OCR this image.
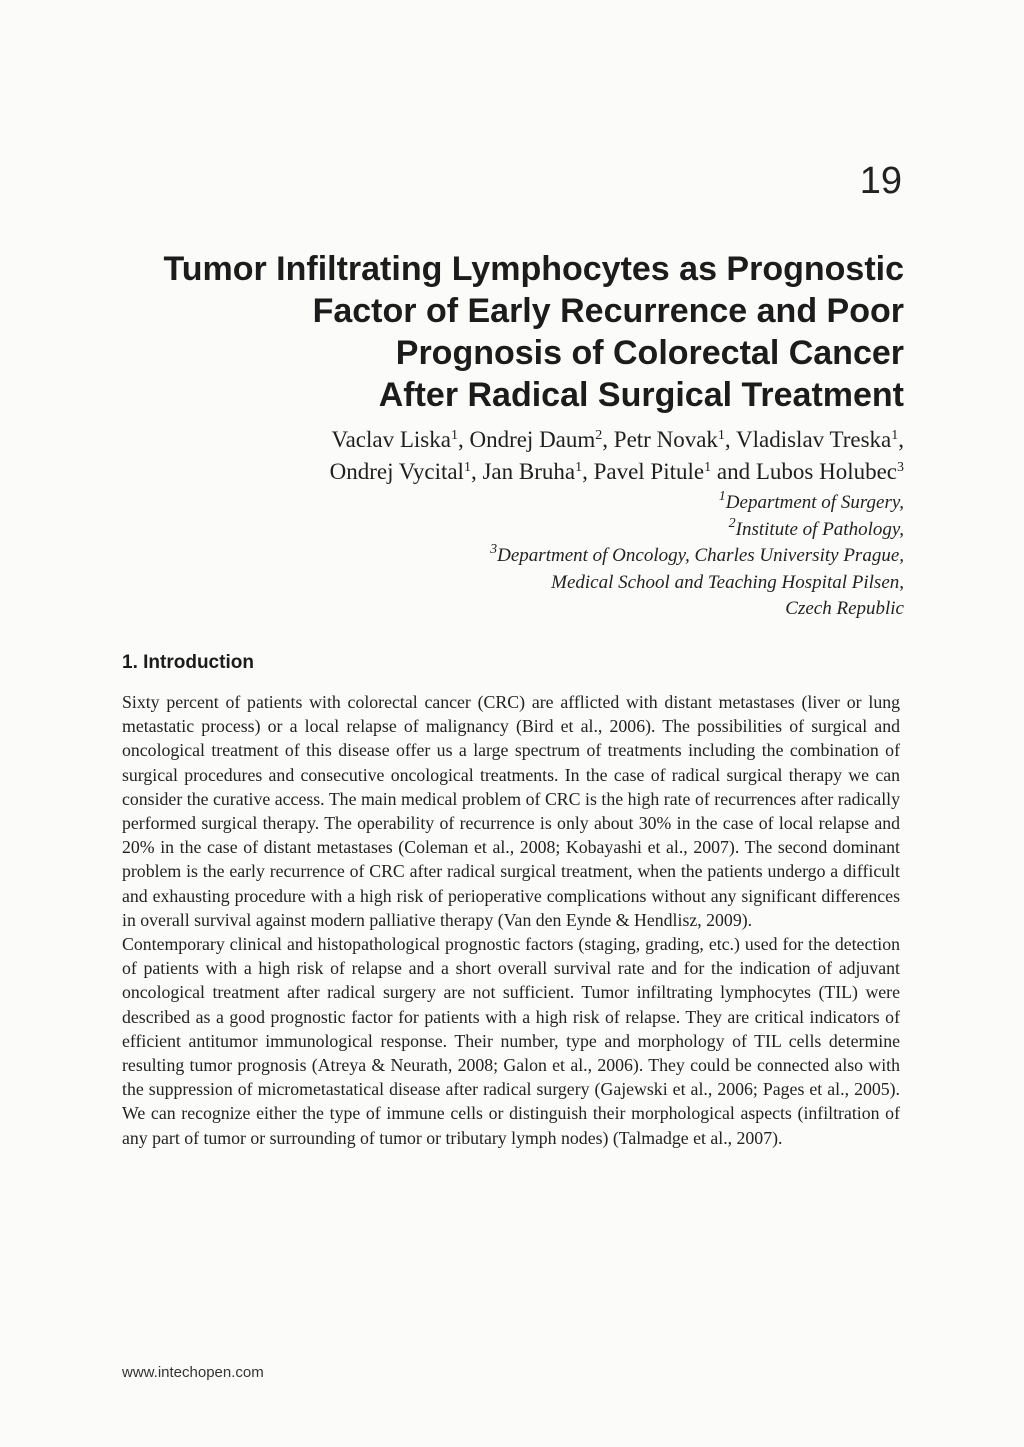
19
Tumor Infiltrating Lymphocytes as Prognostic
Factor of Early Recurrence and Poor
Prognosis of Colorectal Cancer
After Radical Surgical Treatment
Vaclav Liska$^1$, Ondrej Daum$^2$, Petr Novak$^1$, Vladislav Treska$^1$,
Ondrej Vycital$^1$, Jan Bruha$^1$, Pavel Pitule$^1$ and Lubos Holubec$^3$
$^1$Department of Surgery,
$^2$Institute of Pathology,
$^3$Department of Oncology, Charles University Prague,
Medical School and Teaching Hospital Pilsen,
Czech Republic
1. Introduction

Sixty percent of patients with colorectal cancer (CRC) are afflicted with distant metastases (liver or lung metastatic process) or a local relapse of malignancy (Bird et al., 2006). The possibilities of surgical and oncological treatment of this disease offer us a large spectrum of treatments including the combination of surgical procedures and consecutive oncological treatments. In the case of radical surgical therapy we can consider the curative access. The main medical problem of CRC is the high rate of recurrences after radically performed surgical therapy. The operability of recurrence is only about 30% in the case of local relapse and 20% in the case of distant metastases (Coleman et al., 2008; Kobayashi et al., 2007). The second dominant problem is the early recurrence of CRC after radical surgical treatment, when the patients undergo a difficult and exhausting procedure with a high risk of perioperative complications without any significant differences in overall survival against modern palliative therapy (Van den Eynde & Hendlisz, 2009).

Contemporary clinical and histopathological prognostic factors (staging, grading, etc.) used for the detection of patients with a high risk of relapse and a short overall survival rate and for the indication of adjuvant oncological treatment after radical surgery are not sufficient. Tumor infiltrating lymphocytes (TIL) were described as a good prognostic factor for patients with a high risk of relapse. They are critical indicators of efficient antitumor immunological response. Their number, type and morphology of TIL cells determine resulting tumor prognosis (Atreya & Neurath, 2008; Galon et al., 2006). They could be connected also with the suppression of micrometastatical disease after radical surgery (Gajewski et al., 2006; Pages et al., 2005). We can recognize either the type of immune cells or distinguish their morphological aspects (infiltration of any part of tumor or surrounding of tumor or tributary lymph nodes) (Talmadge et al., 2007).

www.intechopen.com
